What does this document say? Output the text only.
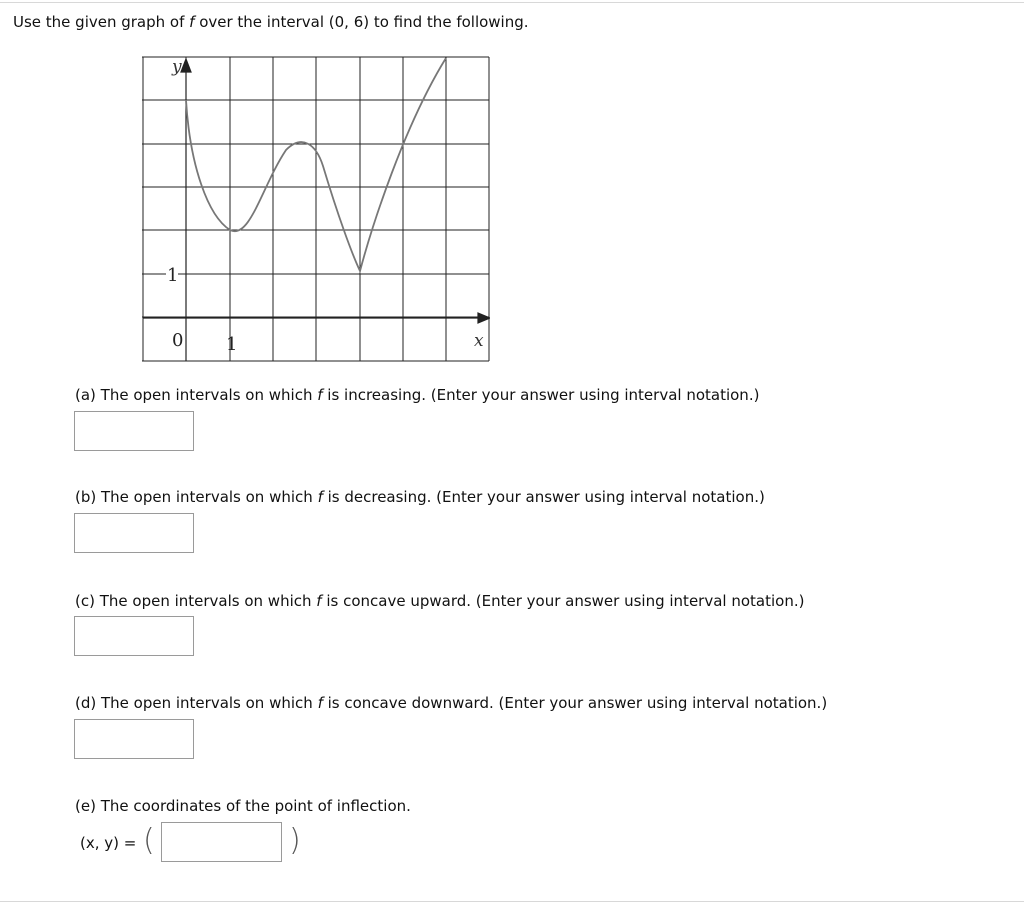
Use the given graph of f over the interval (0, 6) to find the following.
y
0 1
1
x
(a) The open intervals on which f is increasing. (Enter your answer using interval notation.)
(b) The open intervals on which f is decreasing. (Enter your answer using interval notation.)
(c) The open intervals on which f is concave upward. (Enter your answer using interval notation.)
(d) The open intervals on which f is concave downward. (Enter your answer using interval notation.)
(e) The coordinates of the point of inflection.
(x, y) = (	)
